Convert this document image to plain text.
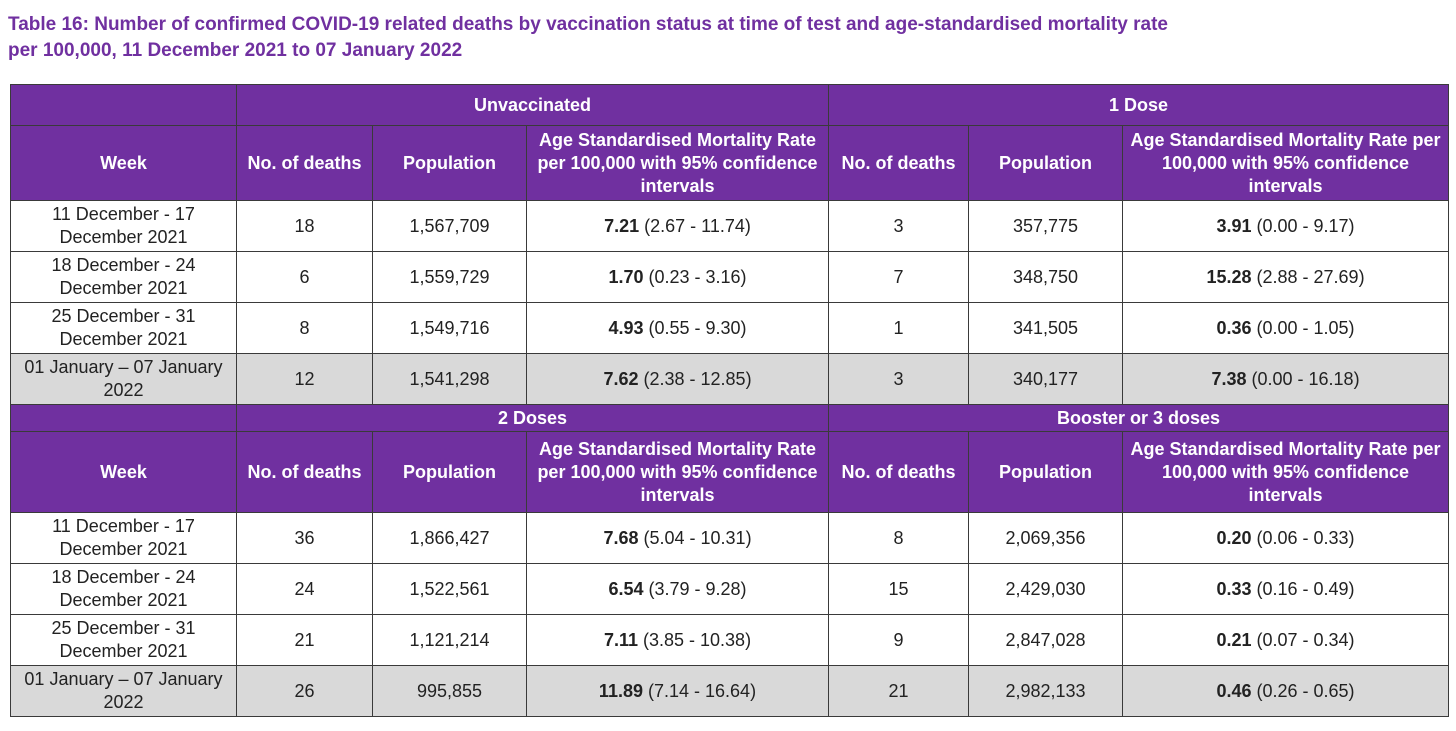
Table 16: Number of confirmed COVID-19 related deaths by vaccination status at time of test and age-standardised mortality rate
per 100,000, 11 December 2021 to 07 January 2022
	Unvaccinated			1 Dose		
Week	No. of deaths	Population	Age Standardised Mortality Rate per 100,000 with 95% confidence intervals	No. of deaths	Population	Age Standardised Mortality Rate per 100,000 with 95% confidence intervals
11 December - 17 December 2021	18	1,567,709	7.21 (2.67 - 11.74)	3	357,775	3.91 (0.00 - 9.17)
18 December - 24 December 2021	6	1,559,729	1.70 (0.23 - 3.16)	7	348,750	15.28 (2.88 - 27.69)
25 December - 31 December 2021	8	1,549,716	4.93 (0.55 - 9.30)	1	341,505	0.36 (0.00 - 1.05)
01 January – 07 January 2022	12	1,541,298	7.62 (2.38 - 12.85)	3	340,177	7.38 (0.00 - 16.18)
	2 Doses			Booster or 3 doses		
Week	No. of deaths	Population	Age Standardised Mortality Rate per 100,000 with 95% confidence intervals	No. of deaths	Population	Age Standardised Mortality Rate per 100,000 with 95% confidence intervals
11 December - 17 December 2021	36	1,866,427	7.68 (5.04 - 10.31)	8	2,069,356	0.20 (0.06 - 0.33)
18 December - 24 December 2021	24	1,522,561	6.54 (3.79 - 9.28)	15	2,429,030	0.33 (0.16 - 0.49)
25 December - 31 December 2021	21	1,121,214	7.11 (3.85 - 10.38)	9	2,847,028	0.21 (0.07 - 0.34)
01 January – 07 January 2022	26	995,855	11.89 (7.14 - 16.64)	21	2,982,133	0.46 (0.26 - 0.65)
